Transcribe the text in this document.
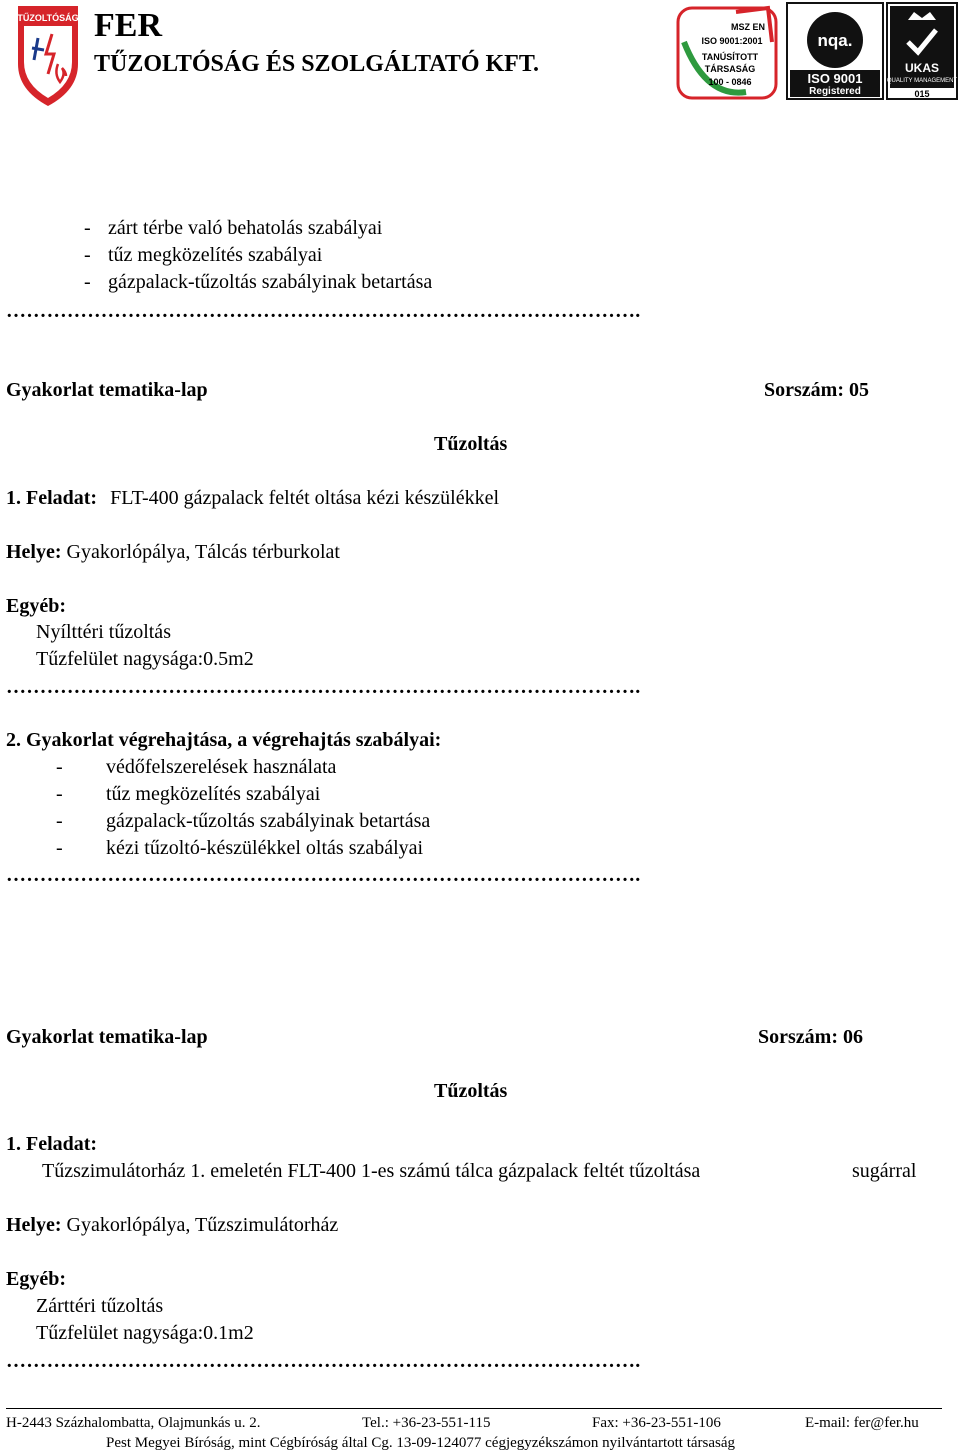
TŰZOLTÓSÁG FER
TŰZOLTÓSÁG ÉS SZOLGÁLTATÓ KFT.
MSZ EN
ISO 9001:2001
TANÚSÍTOTT
TÁRSASÁG
100 - 0846
nqa.
ISO 9001
Registered
UKAS
QUALITY MANAGEMENT
015
- zárt térbe való behatolás szabályai
- tűz megközelítés szabályai
- gázpalack-tűzoltás szabályinak betartása
………………………………………………………………………………….
Gyakorlat tematika-lap	Sorszám: 05
Tűzoltás
1. Feladat: FLT-400 gázpalack feltét oltása kézi készülékkel
Helye: Gyakorlópálya, Tálcás térburkolat
Egyéb:
Nyílttéri tűzoltás
Tűzfelület nagysága:0.5m2
………………………………………………………………………………….
2. Gyakorlat végrehajtása, a végrehajtás szabályai:
- védőfelszerelések használata
- tűz megközelítés szabályai
- gázpalack-tűzoltás szabályinak betartása
- kézi tűzoltó-készülékkel oltás szabályai
………………………………………………………………………………….
Gyakorlat tematika-lap	Sorszám: 06
Tűzoltás
1. Feladat:
Tűzszimulátorház 1. emeletén FLT-400 1-es számú tálca gázpalack feltét tűzoltása	sugárral
Helye: Gyakorlópálya, Tűzszimulátorház
Egyéb:
Zárttéri tűzoltás
Tűzfelület nagysága:0.1m2
………………………………………………………………………………….
H-2443 Százhalombatta, Olajmunkás u. 2.	Tel.: +36-23-551-115	Fax: +36-23-551-106	E-mail: fer@fer.hu
Pest Megyei Bíróság, mint Cégbíróság által Cg. 13-09-124077 cégjegyzékszámon nyilvántartott társaság
